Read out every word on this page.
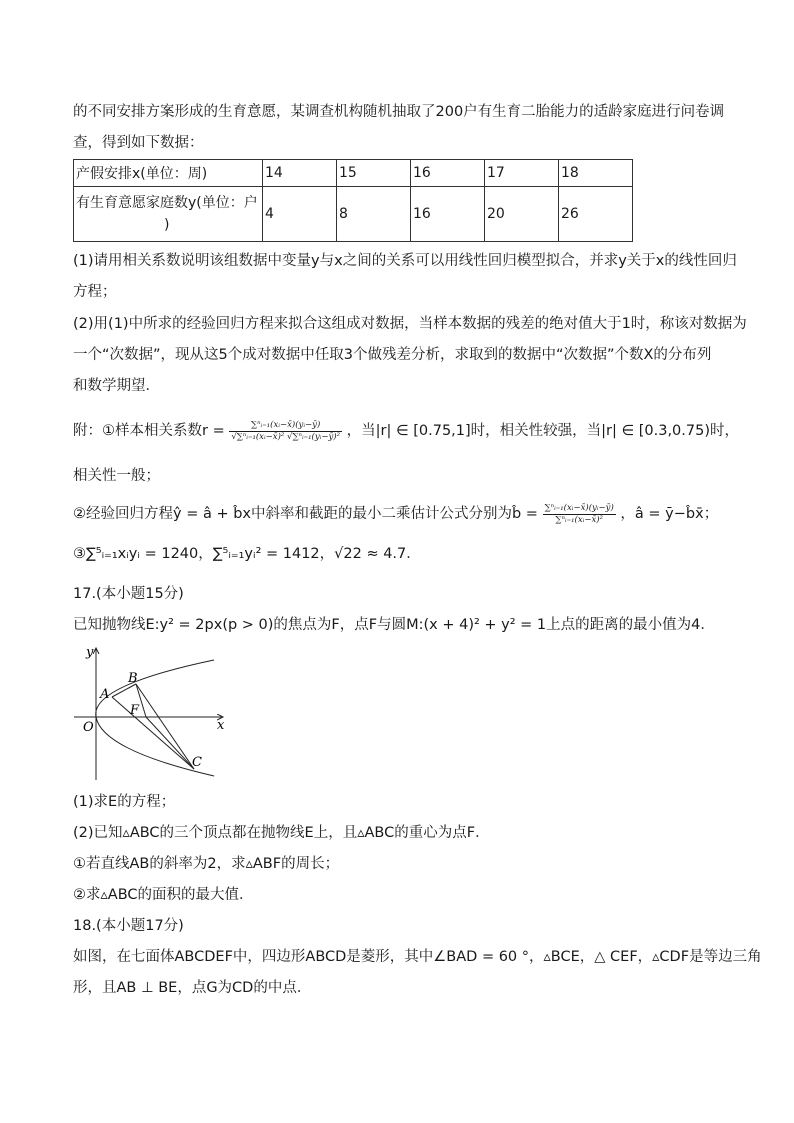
的不同安排方案形成的生育意愿，某调查机构随机抽取了200户有生育二胎能力的适龄家庭进行问卷调
查，得到如下数据：
产假安排x(单位：周)	14	15	16	17	18

有生育意愿家庭数y(单位：户
)	4	8	16	20	26
(1)请用相关系数说明该组数据中变量y与x之间的关系可以用线性回归模型拟合，并求y关于x的线性回归
方程；
(2)用(1)中所求的经验回归方程来拟合这组成对数据，当样本数据的残差的绝对值大于1时，称该对数据为
一个“次数据”，现从这5个成对数据中任取3个做残差分析，求取到的数据中“次数据”个数X的分布列
和数学期望．
附：①样本相关系数$r = \frac{\text{∑ⁿᵢ₌₁(xᵢ−x̄)(yᵢ−ȳ)}}{\text{√∑ⁿᵢ₌₁(xᵢ−x̄)² √∑ⁿᵢ₌₁(yᵢ−ȳ)²}}$ ，当|r| ∈ [0.75,1]时，相关性较强，当|r| ∈ [0.3,0.75)时，
相关性一般；
②经验回归方程ŷ = â + b̂x中斜率和截距的最小二乘估计公式分别为b̂ = $\frac{\text{∑ⁿᵢ₌₁(xᵢ−x̄)(yᵢ−ȳ)}}{\text{∑ⁿᵢ₌₁(xᵢ−x̄)²}}$ ，â = ȳ−b̂x̄；
③∑⁵ᵢ₌₁xᵢyᵢ = 1240，∑⁵ᵢ₌₁yᵢ² = 1412，√22 ≈ 4.7．
17.(本小题15分)
已知抛物线E:y² = 2px(p > 0)的焦点为F，点F与圆M:(x + 4)² + y² = 1上点的距离的最小值为4．
y
x
O
A
B
F
C
(1)求E的方程；
(2)已知▵ABC的三个顶点都在抛物线E上，且▵ABC的重心为点F．
①若直线AB的斜率为2，求▵ABF的周长；
②求▵ABC的面积的最大值．
18.(本小题17分)
如图，在七面体ABCDEF中，四边形ABCD是菱形，其中∠BAD = 60 °，▵BCE，△ CEF，▵CDF是等边三角
形，且AB ⊥ BE，点G为CD的中点．
